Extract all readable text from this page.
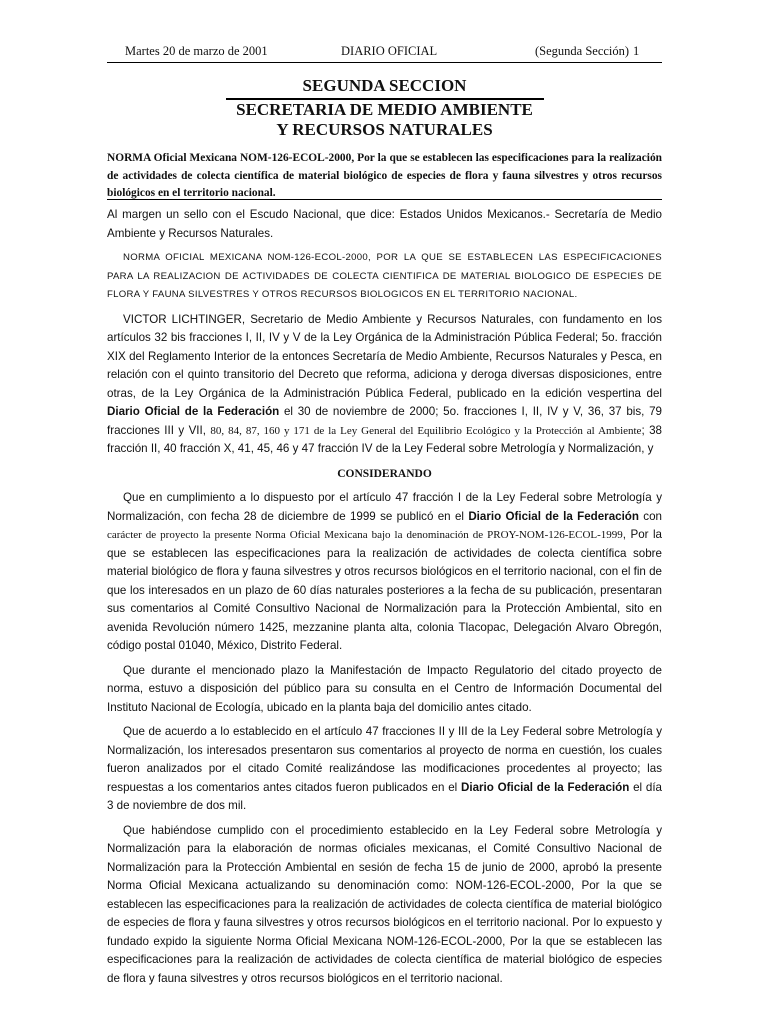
Martes 20 de marzo de 2001	DIARIO OFICIAL	(Segunda Sección) 1
SEGUNDA SECCION
SECRETARIA DE MEDIO AMBIENTE
Y RECURSOS NATURALES
NORMA Oficial Mexicana NOM-126-ECOL-2000, Por la que se establecen las especificaciones para la realización de actividades de colecta científica de material biológico de especies de flora y fauna silvestres y otros recursos biológicos en el territorio nacional.

Al margen un sello con el Escudo Nacional, que dice: Estados Unidos Mexicanos.- Secretaría de Medio Ambiente y Recursos Naturales.

NORMA OFICIAL MEXICANA NOM-126-ECOL-2000, POR LA QUE SE ESTABLECEN LAS ESPECIFICACIONES PARA LA REALIZACION DE ACTIVIDADES DE COLECTA CIENTIFICA DE MATERIAL BIOLOGICO DE ESPECIES DE FLORA Y FAUNA SILVESTRES Y OTROS RECURSOS BIOLOGICOS EN EL TERRITORIO NACIONAL.

VICTOR LICHTINGER, Secretario de Medio Ambiente y Recursos Naturales, con fundamento en los artículos 32 bis fracciones I, II, IV y V de la Ley Orgánica de la Administración Pública Federal; 5o. fracción XIX del Reglamento Interior de la entonces Secretaría de Medio Ambiente, Recursos Naturales y Pesca, en relación con el quinto transitorio del Decreto que reforma, adiciona y deroga diversas disposiciones, entre otras, de la Ley Orgánica de la Administración Pública Federal, publicado en la edición vespertina del Diario Oficial de la Federación el 30 de noviembre de 2000; 5o. fracciones I, II, IV y V, 36, 37 bis, 79 fracciones III y VII, 80, 84, 87, 160 y 171 de la Ley General del Equilibrio Ecológico y la Protección al Ambiente; 38 fracción II, 40 fracción X, 41, 45, 46 y 47 fracción IV de la Ley Federal sobre Metrología y Normalización, y

CONSIDERANDO

Que en cumplimiento a lo dispuesto por el artículo 47 fracción I de la Ley Federal sobre Metrología y Normalización, con fecha 28 de diciembre de 1999 se publicó en el Diario Oficial de la Federación con carácter de proyecto la presente Norma Oficial Mexicana bajo la denominación de PROY-NOM-126-ECOL-1999, Por la que se establecen las especificaciones para la realización de actividades de colecta científica sobre material biológico de flora y fauna silvestres y otros recursos biológicos en el territorio nacional, con el fin de que los interesados en un plazo de 60 días naturales posteriores a la fecha de su publicación, presentaran sus comentarios al Comité Consultivo Nacional de Normalización para la Protección Ambiental, sito en avenida Revolución número 1425, mezzanine planta alta, colonia Tlacopac, Delegación Alvaro Obregón, código postal 01040, México, Distrito Federal.

Que durante el mencionado plazo la Manifestación de Impacto Regulatorio del citado proyecto de norma, estuvo a disposición del público para su consulta en el Centro de Información Documental del Instituto Nacional de Ecología, ubicado en la planta baja del domicilio antes citado.

Que de acuerdo a lo establecido en el artículo 47 fracciones II y III de la Ley Federal sobre Metrología y Normalización, los interesados presentaron sus comentarios al proyecto de norma en cuestión, los cuales fueron analizados por el citado Comité realizándose las modificaciones procedentes al proyecto; las respuestas a los comentarios antes citados fueron publicados en el Diario Oficial de la Federación el día 3 de noviembre de dos mil.

Que habiéndose cumplido con el procedimiento establecido en la Ley Federal sobre Metrología y Normalización para la elaboración de normas oficiales mexicanas, el Comité Consultivo Nacional de Normalización para la Protección Ambiental en sesión de fecha 15 de junio de 2000, aprobó la presente Norma Oficial Mexicana actualizando su denominación como: NOM-126-ECOL-2000, Por la que se establecen las especificaciones para la realización de actividades de colecta científica de material biológico de especies de flora y fauna silvestres y otros recursos biológicos en el territorio nacional. Por lo expuesto y fundado expido la siguiente Norma Oficial Mexicana NOM-126-ECOL-2000, Por la que se establecen las especificaciones para la realización de actividades de colecta científica de material biológico de especies de flora y fauna silvestres y otros recursos biológicos en el territorio nacional.
